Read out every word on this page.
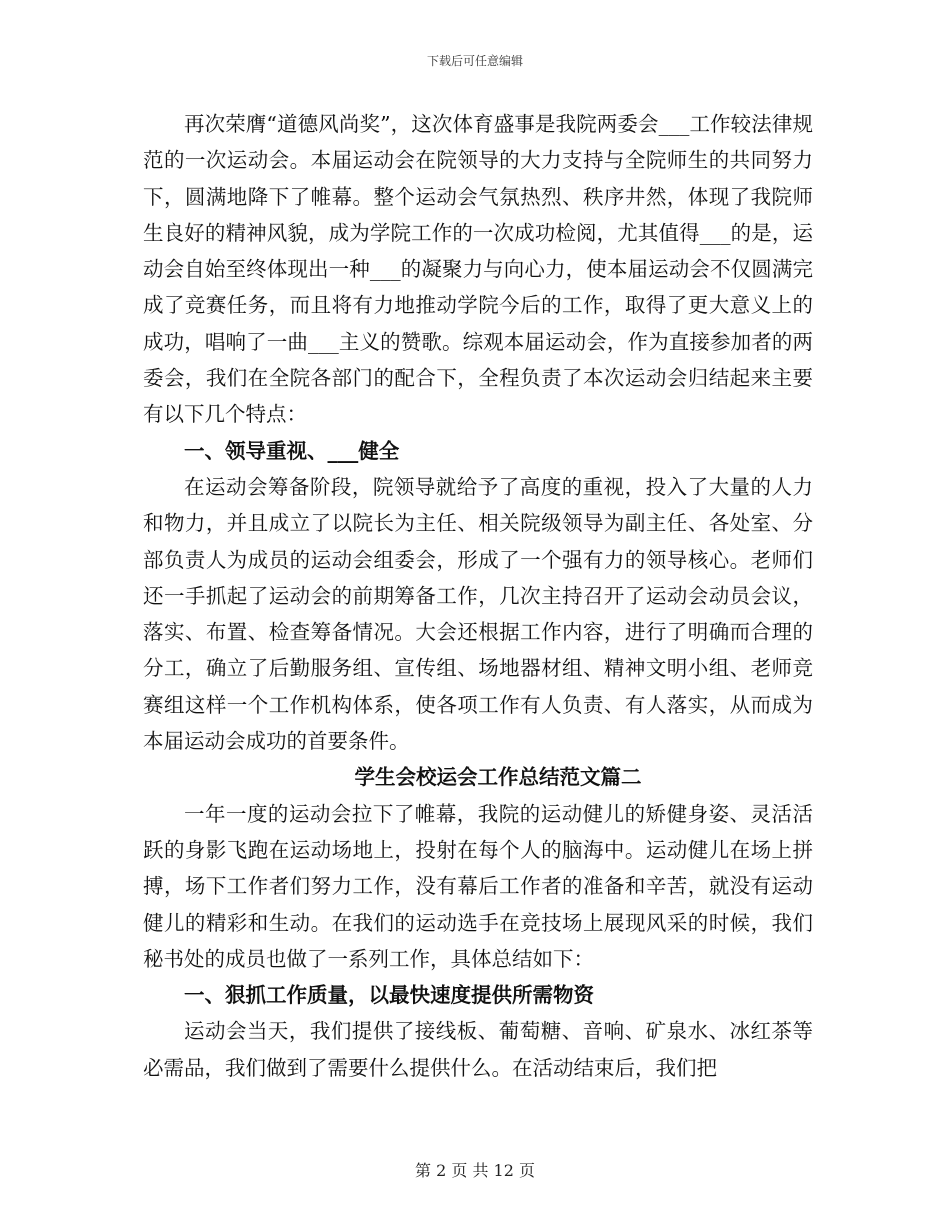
下载后可任意编辑

再次荣膺“道德风尚奖”，这次体育盛事是我院两委会___工作较法律规范的一次运动会。本届运动会在院领导的大力支持与全院师生的共同努力下，圆满地降下了帷幕。整个运动会气氛热烈、秩序井然，体现了我院师生良好的精神风貌，成为学院工作的一次成功检阅，尤其值得___的是，运动会自始至终体现出一种___的凝聚力与向心力，使本届运动会不仅圆满完成了竞赛任务，而且将有力地推动学院今后的工作，取得了更大意义上的成功，唱响了一曲___主义的赞歌。综观本届运动会，作为直接参加者的两委会，我们在全院各部门的配合下，全程负责了本次运动会归结起来主要有以下几个特点：

一、领导重视、___健全

在运动会筹备阶段，院领导就给予了高度的重视，投入了大量的人力和物力，并且成立了以院长为主任、相关院级领导为副主任、各处室、分部负责人为成员的运动会组委会，形成了一个强有力的领导核心。老师们还一手抓起了运动会的前期筹备工作，几次主持召开了运动会动员会议，落实、布置、检查筹备情况。大会还根据工作内容，进行了明确而合理的分工，确立了后勤服务组、宣传组、场地器材组、精神文明小组、老师竞赛组这样一个工作机构体系，使各项工作有人负责、有人落实，从而成为本届运动会成功的首要条件。

学生会校运会工作总结范文篇二

一年一度的运动会拉下了帷幕，我院的运动健儿的矫健身姿、灵活活跃的身影飞跑在运动场地上，投射在每个人的脑海中。运动健儿在场上拼搏，场下工作者们努力工作，没有幕后工作者的准备和辛苦，就没有运动健儿的精彩和生动。在我们的运动选手在竞技场上展现风采的时候，我们秘书处的成员也做了一系列工作，具体总结如下：

一、狠抓工作质量，以最快速度提供所需物资

运动会当天，我们提供了接线板、葡萄糖、音响、矿泉水、冰红茶等必需品，我们做到了需要什么提供什么。在活动结束后，我们把

第 2 页 共 12 页
